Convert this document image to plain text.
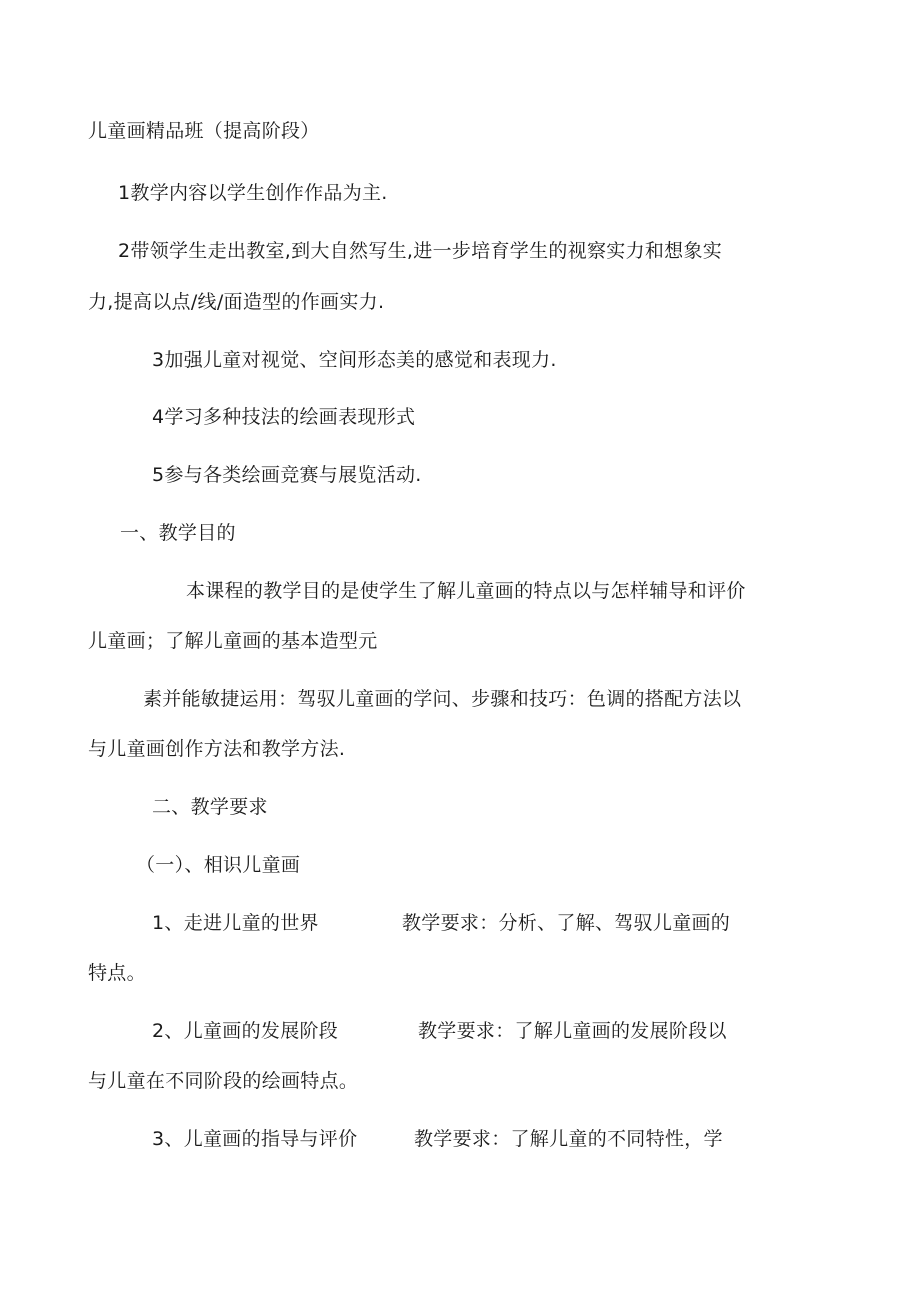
儿童画精品班（提高阶段）
1教学内容以学生创作作品为主.
2带领学生走出教室,到大自然写生,进一步培育学生的视察实力和想象实
力,提高以点/线/面造型的作画实力.
3加强儿童对视觉、空间形态美的感觉和表现力.
4学习多种技法的绘画表现形式
5参与各类绘画竞赛与展览活动.
一、教学目的
本课程的教学目的是使学生了解儿童画的特点以与怎样辅导和评价
儿童画；了解儿童画的基本造型元
素并能敏捷运用：驾驭儿童画的学问、步骤和技巧：色调的搭配方法以
与儿童画创作方法和教学方法.
二、教学要求
（一）、相识儿童画
1、走进儿童的世界	教学要求：分析、了解、驾驭儿童画的
特点。
2、儿童画的发展阶段	教学要求：了解儿童画的发展阶段以
与儿童在不同阶段的绘画特点。
3、儿童画的指导与评价	教学要求：了解儿童的不同特性，学
